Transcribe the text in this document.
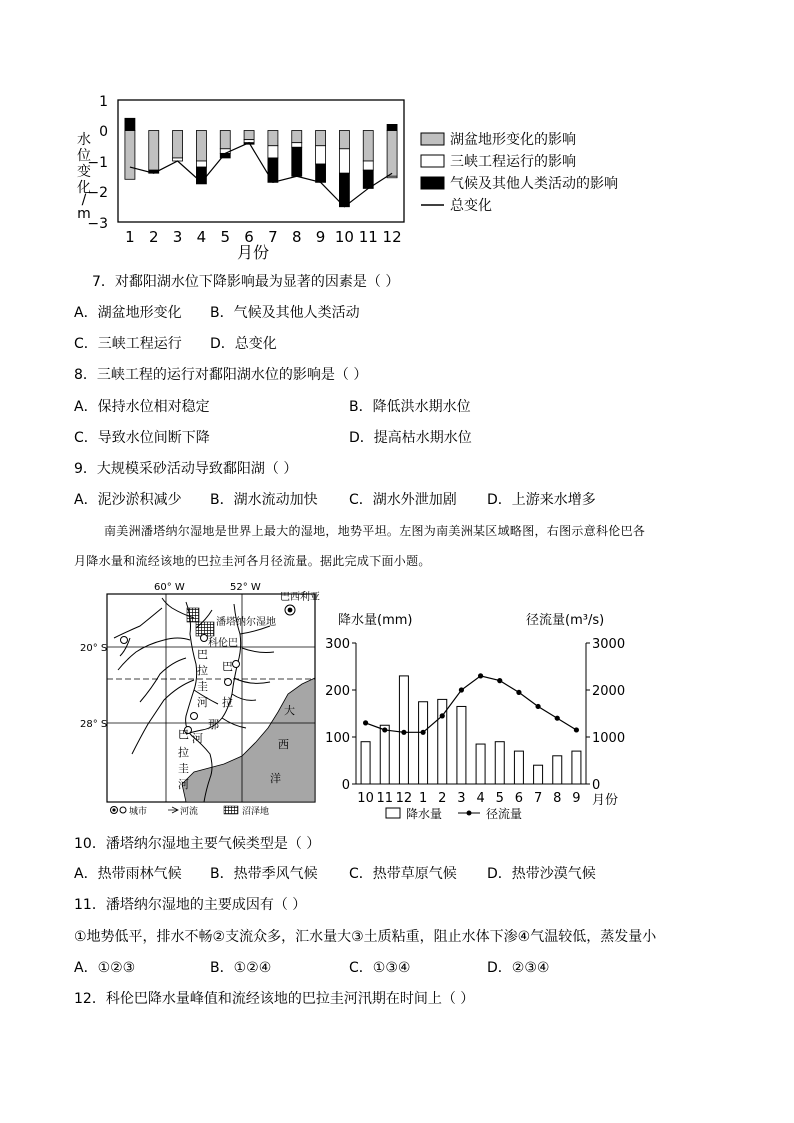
1
0
−1
−2
−3
水
位
变
化
/
m
1 2 3 4 5 6 7 8 9 10 11 12
月份
湖盆地形变化的影响
三峡工程运行的影响
气候及其他人类活动的影响
总变化
7．对鄱阳湖水位下降影响最为显著的因素是（ ）
A．湖盆地形变化 B．气候及其他人类活动
C．三峡工程运行 D．总变化
8．三峡工程的运行对鄱阳湖水位的影响是（ ）
A．保持水位相对稳定	B．降低洪水期水位
C．导致水位间断下降	D．提高枯水期水位
9．大规模采砂活动导致鄱阳湖（ ）
A．泥沙淤积减少 B．湖水流动加快 C．湖水外泄加剧 D．上游来水增多
南美洲潘塔纳尔湿地是世界上最大的湿地，地势平坦。左图为南美洲某区域略图，右图示意科伦巴各
月降水量和流经该地的巴拉圭河各月径流量。据此完成下面小题。
60° W	52° W
20° S
28° S
巴西利亚
潘塔纳尔湿地
科伦巴
巴
拉
圭
河
巴
拉
那
河
巴
拉
圭
河
大
西
洋
城市	河流	沼泽地
降水量(mm)	径流量(m³/s)
0
100
200
300
0
1000
2000
3000
10 11 12 1 2 3 4 5 6 7 8 9 月份
降水量	径流量
10．潘塔纳尔湿地主要气候类型是（ ）
A．热带雨林气候 B．热带季风气候 C．热带草原气候 D．热带沙漠气候
11．潘塔纳尔湿地的主要成因有（ ）
①地势低平，排水不畅②支流众多，汇水量大③土质粘重，阻止水体下渗④气温较低，蒸发量小
A．①②③	B．①②④	C．①③④	D．②③④
12．科伦巴降水量峰值和流经该地的巴拉圭河汛期在时间上（ ）
